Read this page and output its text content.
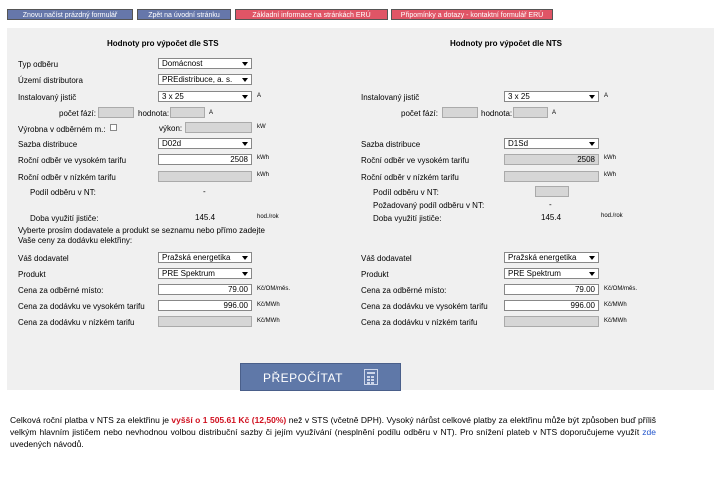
Znovu načíst prázdný formulář	Zpět na úvodní stránku	Základní informace na stránkách ERÚ	Připomínky a dotazy - kontaktní formulář ERÚ
Hodnoty pro výpočet dle STS
Typ odběru	Domácnost
Území distributora	PREdistribuce, a. s.
Instalovaný jistič	3 x 25	A
počet fází:	hodnota:	A
Výrobna v odběrném m.:	výkon:	kW
Sazba distribuce	D02d
Roční odběr ve vysokém tarifu	2508	kWh
Roční odběr v nízkém tarifu	kWh
Podíl odběru v NT:	-
Doba využití jističe:	145.4	hod./rok
Vyberte prosím dodavatele a produkt se seznamu nebo přímo zadejte Vaše ceny za dodávku elektřiny:
Váš dodavatel	Pražská energetika
Produkt	PRE Spektrum
Cena za odběrné místo:	79.00	Kč/OM/měs.
Cena za dodávku ve vysokém tarifu	996.00	Kč/MWh
Cena za dodávku v nízkém tarifu	Kč/MWh
Hodnoty pro výpočet dle NTS
Instalovaný jistič	3 x 25	A
počet fází:	hodnota:	A
Sazba distribuce	D1Sd
Roční odběr ve vysokém tarifu	2508	kWh
Roční odběr v nízkém tarifu	kWh
Podíl odběru v NT:
Požadovaný podíl odběru v NT:	-
Doba využití jističe:	145.4	hod./rok
Váš dodavatel	Pražská energetika
Produkt	PRE Spektrum
Cena za odběrné místo:	79.00	Kč/OM/měs.
Cena za dodávku ve vysokém tarifu	996.00	Kč/MWh
Cena za dodávku v nízkém tarifu	Kč/MWh
PŘEPOČÍTAT
Celková roční platba v NTS za elektřinu je vyšší o 1 505.61 Kč (12,50%) než v STS (včetně DPH). Vysoký nárůst celkové platby za elektřinu může být způsoben buď příliš velkým hlavním jističem nebo nevhodnou volbou distribuční sazby či jejím využívání (nesplnění podílu odběru v NT). Pro snížení plateb v NTS doporučujeme využít zde uvedených návodů.
